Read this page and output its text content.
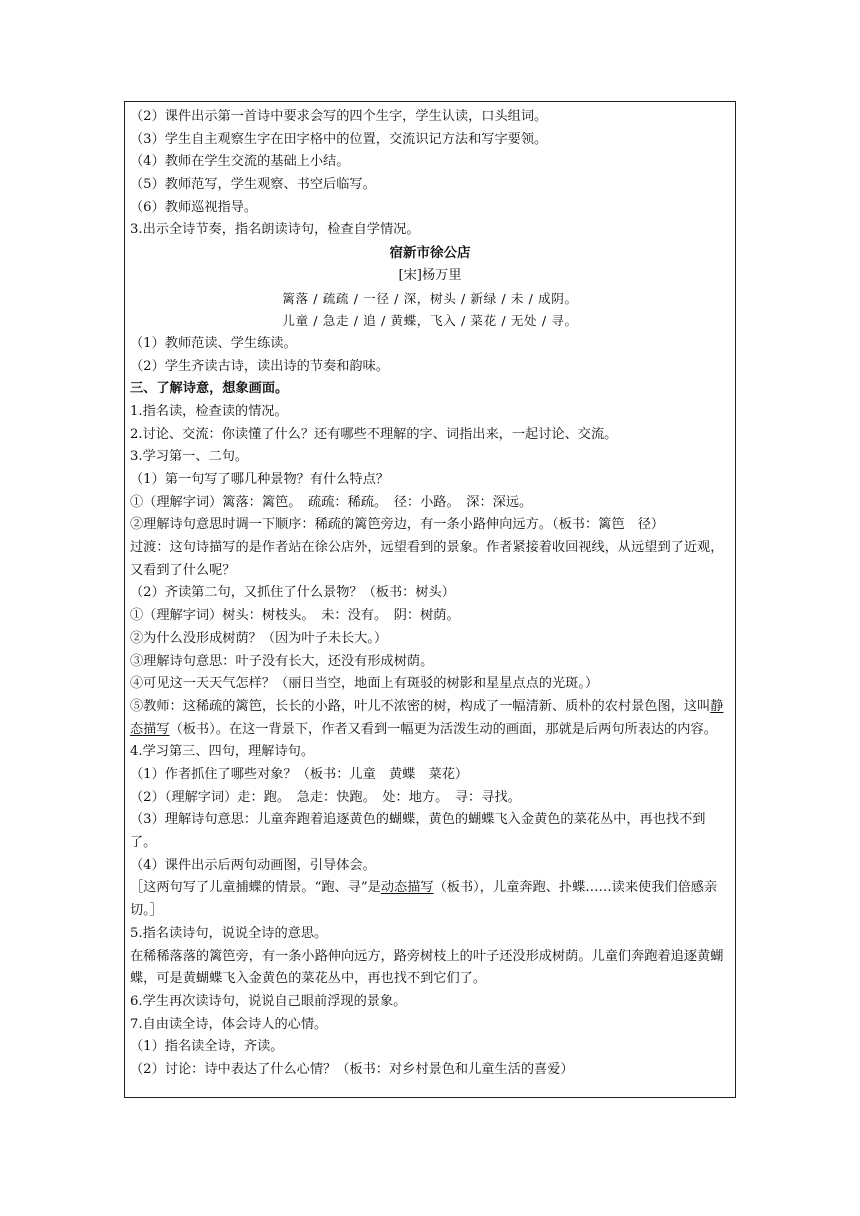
（2）课件出示第一首诗中要求会写的四个生字，学生认读，口头组词。
（3）学生自主观察生字在田字格中的位置，交流识记方法和写字要领。
（4）教师在学生交流的基础上小结。
（5）教师范写，学生观察、书空后临写。
（6）教师巡视指导。
3.出示全诗节奏，指名朗读诗句，检查自学情况。
宿新市徐公店
[宋]杨万里
篱落 / 疏疏 / 一径 / 深，树头 / 新绿 / 未 / 成阴。
儿童 / 急走 / 追 / 黄蝶，飞入 / 菜花 / 无处 / 寻。
（1）教师范读、学生练读。
（2）学生齐读古诗，读出诗的节奏和韵味。
三、了解诗意，想象画面。
1.指名读，检查读的情况。
2.讨论、交流：你读懂了什么？还有哪些不理解的字、词指出来，一起讨论、交流。
3.学习第一、二句。
（1）第一句写了哪几种景物？有什么特点？
①（理解字词）篱落：篱笆。　疏疏：稀疏。　径：小路。　深：深远。
②理解诗句意思时调一下顺序：稀疏的篱笆旁边，有一条小路伸向远方。（板书：篱笆　径）
过渡：这句诗描写的是作者站在徐公店外，远望看到的景象。作者紧接着收回视线，从远望到了近观，又看到了什么呢？
（2）齐读第二句，又抓住了什么景物？（板书：树头）
①（理解字词）树头：树枝头。　未：没有。　阴：树荫。
②为什么没形成树荫？（因为叶子未长大。）
③理解诗句意思：叶子没有长大，还没有形成树荫。
④可见这一天天气怎样？（丽日当空，地面上有斑驳的树影和星星点点的光斑。）
⑤教师：这稀疏的篱笆，长长的小路，叶儿不浓密的树，构成了一幅清新、质朴的农村景色图，这叫静态描写（板书）。在这一背景下，作者又看到一幅更为活泼生动的画面，那就是后两句所表达的内容。
4.学习第三、四句，理解诗句。
（1）作者抓住了哪些对象？（板书：儿童　黄蝶　菜花）
（2）（理解字词）走：跑。　急走：快跑。　处：地方。　寻：寻找。
（3）理解诗句意思：儿童奔跑着追逐黄色的蝴蝶，黄色的蝴蝶飞入金黄色的菜花丛中，再也找不到了。
（4）课件出示后两句动画图，引导体会。
［这两句写了儿童捕蝶的情景。“跑、寻”是动态描写（板书），儿童奔跑、扑蝶……读来使我们倍感亲切。］
5.指名读诗句，说说全诗的意思。
在稀稀落落的篱笆旁，有一条小路伸向远方，路旁树枝上的叶子还没形成树荫。儿童们奔跑着追逐黄蝴蝶，可是黄蝴蝶飞入金黄色的菜花丛中，再也找不到它们了。
6.学生再次读诗句，说说自己眼前浮现的景象。
7.自由读全诗，体会诗人的心情。
（1）指名读全诗，齐读。
（2）讨论：诗中表达了什么心情？（板书：对乡村景色和儿童生活的喜爱）
